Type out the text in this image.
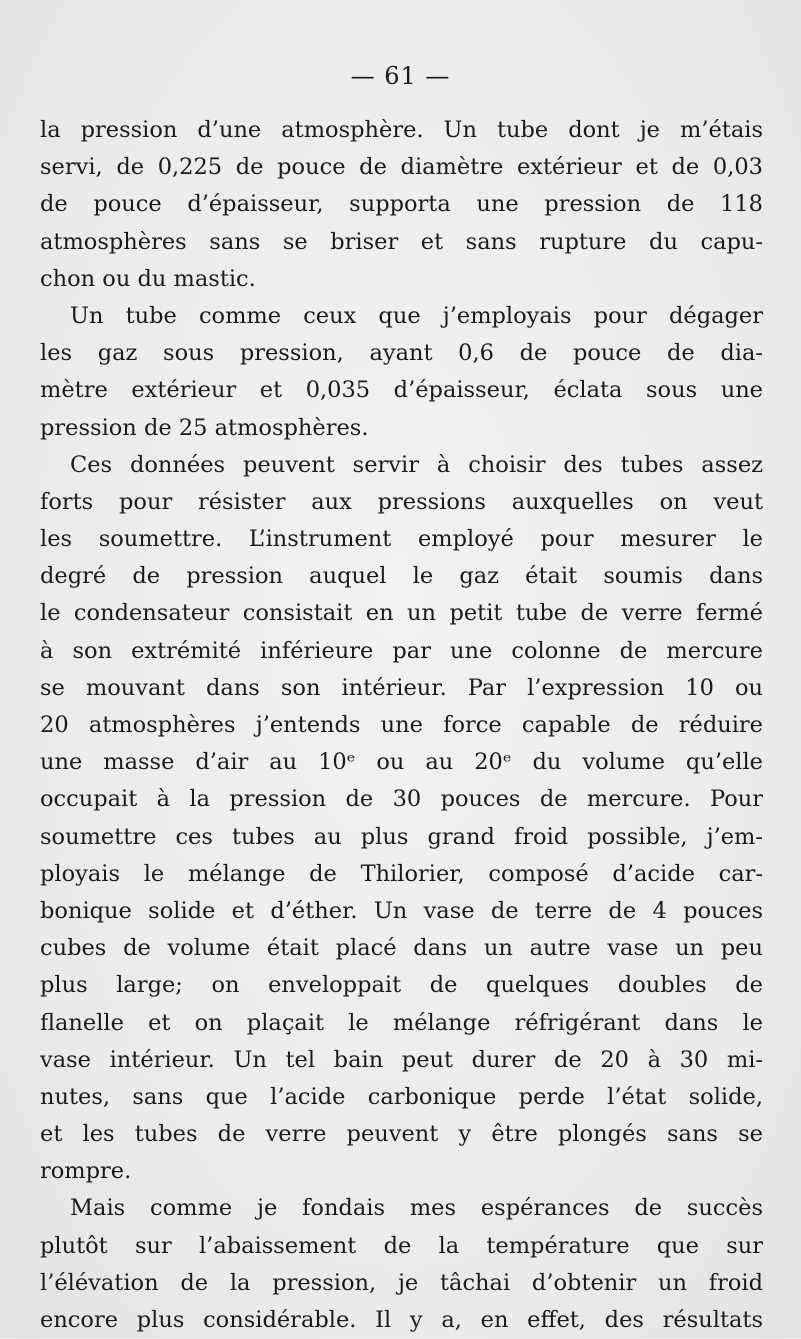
— 61 —
la pression d’une atmosphère. Un tube dont je m’étais
servi, de 0,225 de pouce de diamètre extérieur et de 0,03
de pouce d’épaisseur, supporta une pression de 118
atmosphères sans se briser et sans rupture du capu-
chon ou du mastic.
Un tube comme ceux que j’employais pour dégager
les gaz sous pression, ayant 0,6 de pouce de dia-
mètre extérieur et 0,035 d’épaisseur, éclata sous une
pression de 25 atmosphères.
Ces données peuvent servir à choisir des tubes assez
forts pour résister aux pressions auxquelles on veut
les soumettre. L’instrument employé pour mesurer le
degré de pression auquel le gaz était soumis dans
le condensateur consistait en un petit tube de verre fermé
à son extrémité inférieure par une colonne de mercure
se mouvant dans son intérieur. Par l’expression 10 ou
20 atmosphères j’entends une force capable de réduire
une masse d’air au 10ᵉ ou au 20ᵉ du volume qu’elle
occupait à la pression de 30 pouces de mercure. Pour
soumettre ces tubes au plus grand froid possible, j’em-
ployais le mélange de Thilorier, composé d’acide car-
bonique solide et d’éther. Un vase de terre de 4 pouces
cubes de volume était placé dans un autre vase un peu
plus large; on enveloppait de quelques doubles de
flanelle et on plaçait le mélange réfrigérant dans le
vase intérieur. Un tel bain peut durer de 20 à 30 mi-
nutes, sans que l’acide carbonique perde l’état solide,
et les tubes de verre peuvent y être plongés sans se
rompre.
Mais comme je fondais mes espérances de succès
plutôt sur l’abaissement de la température que sur
l’élévation de la pression, je tâchai d’obtenir un froid
encore plus considérable. Il y a, en effet, des résultats
